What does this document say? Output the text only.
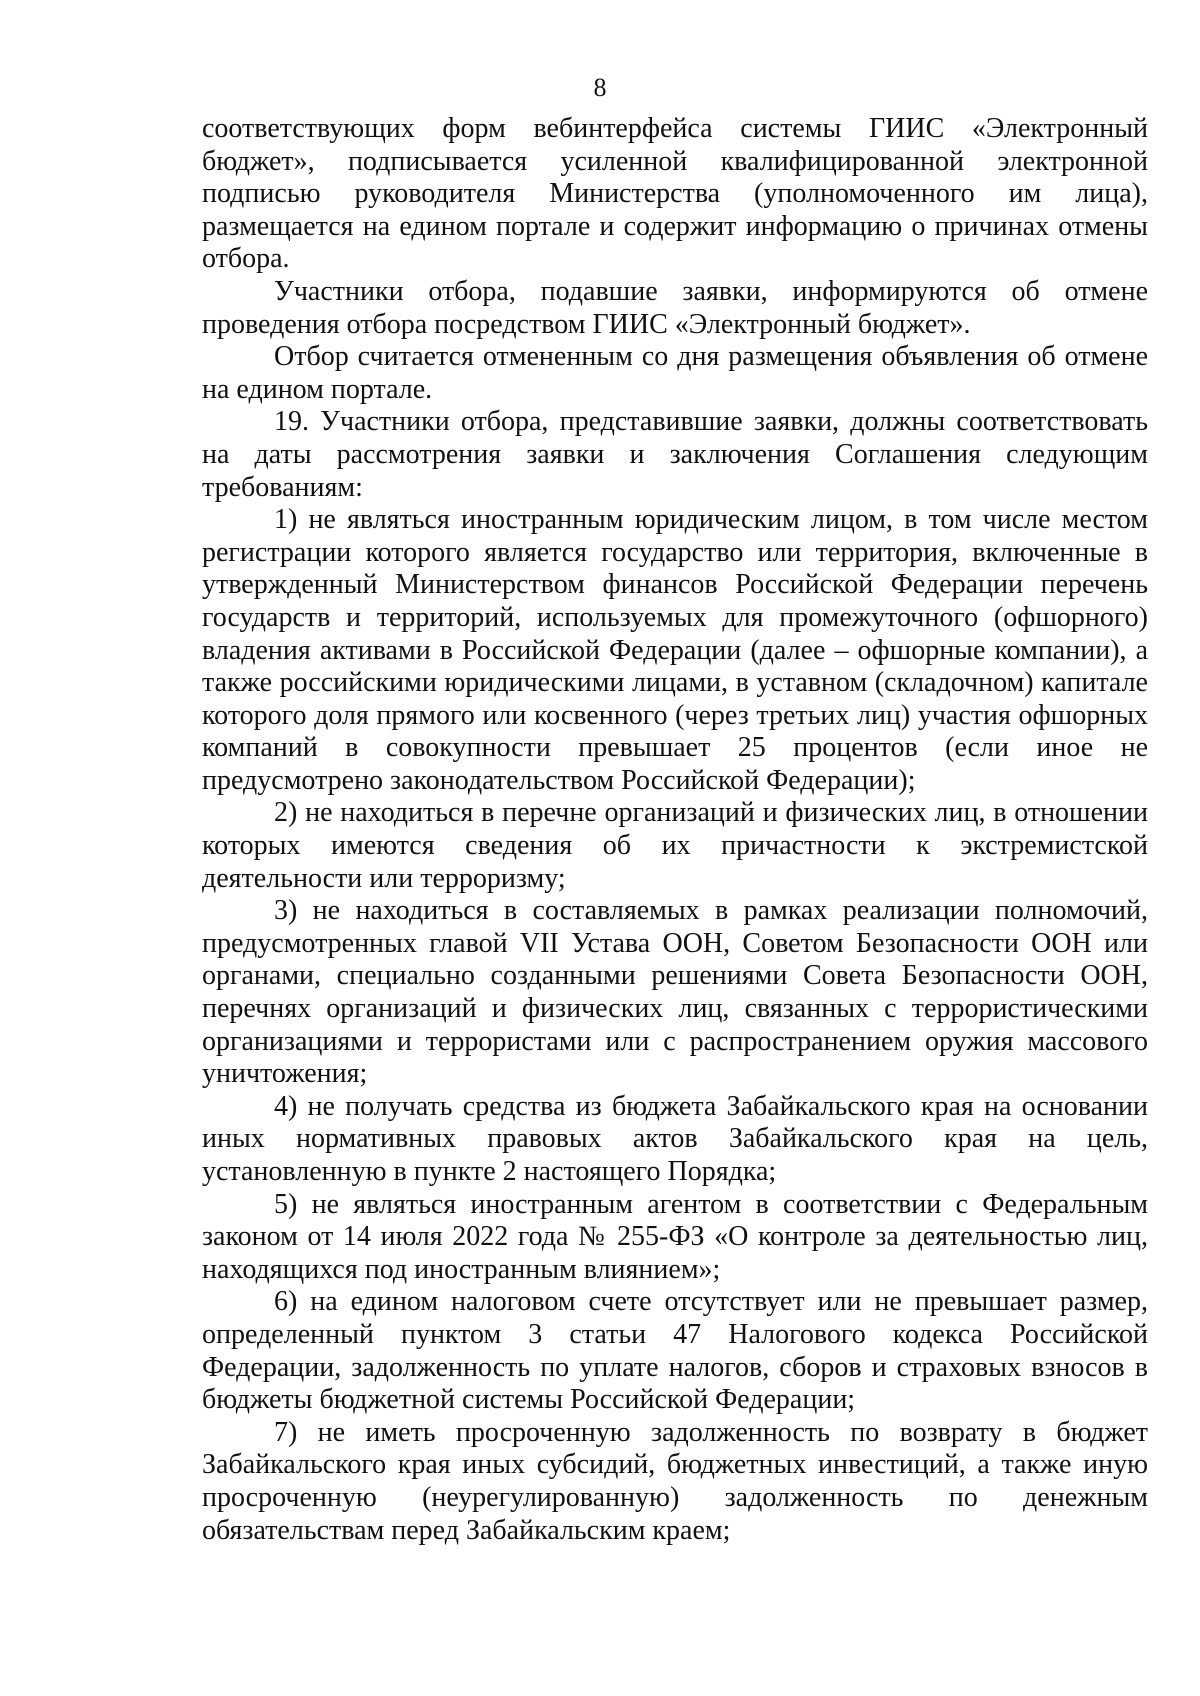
8

соответствующих форм вебинтерфейса системы ГИИС «Электронный бюджет», подписывается усиленной квалифицированной электронной подписью руководителя Министерства (уполномоченного им лица), размещается на едином портале и содержит информацию о причинах отмены отбора.

Участники отбора, подавшие заявки, информируются об отмене проведения отбора посредством ГИИС «Электронный бюджет».

Отбор считается отмененным со дня размещения объявления об отмене на едином портале.

19. Участники отбора, представившие заявки, должны соответствовать на даты рассмотрения заявки и заключения Соглашения следующим требованиям:

1) не являться иностранным юридическим лицом, в том числе местом регистрации которого является государство или территория, включенные в утвержденный Министерством финансов Российской Федерации перечень государств и территорий, используемых для промежуточного (офшорного) владения активами в Российской Федерации (далее – офшорные компании), а также российскими юридическими лицами, в уставном (складочном) капитале которого доля прямого или косвенного (через третьих лиц) участия офшорных компаний в совокупности превышает 25 процентов (если иное не предусмотрено законодательством Российской Федерации);

2) не находиться в перечне организаций и физических лиц, в отношении которых имеются сведения об их причастности к экстремистской деятельности или терроризму;

3) не находиться в составляемых в рамках реализации полномочий, предусмотренных главой VII Устава ООН, Советом Безопасности ООН или органами, специально созданными решениями Совета Безопасности ООН, перечнях организаций и физических лиц, связанных с террористическими организациями и террористами или с распространением оружия массового уничтожения;

4) не получать средства из бюджета Забайкальского края на основании иных нормативных правовых актов Забайкальского края на цель, установленную в пункте 2 настоящего Порядка;

5) не являться иностранным агентом в соответствии с Федеральным законом от 14 июля 2022 года № 255-ФЗ «О контроле за деятельностью лиц, находящихся под иностранным влиянием»;

6) на едином налоговом счете отсутствует или не превышает размер, определенный пунктом 3 статьи 47 Налогового кодекса Российской Федерации, задолженность по уплате налогов, сборов и страховых взносов в бюджеты бюджетной системы Российской Федерации;

7) не иметь просроченную задолженность по возврату в бюджет Забайкальского края иных субсидий, бюджетных инвестиций, а также иную просроченную (неурегулированную) задолженность по денежным обязательствам перед Забайкальским краем;
